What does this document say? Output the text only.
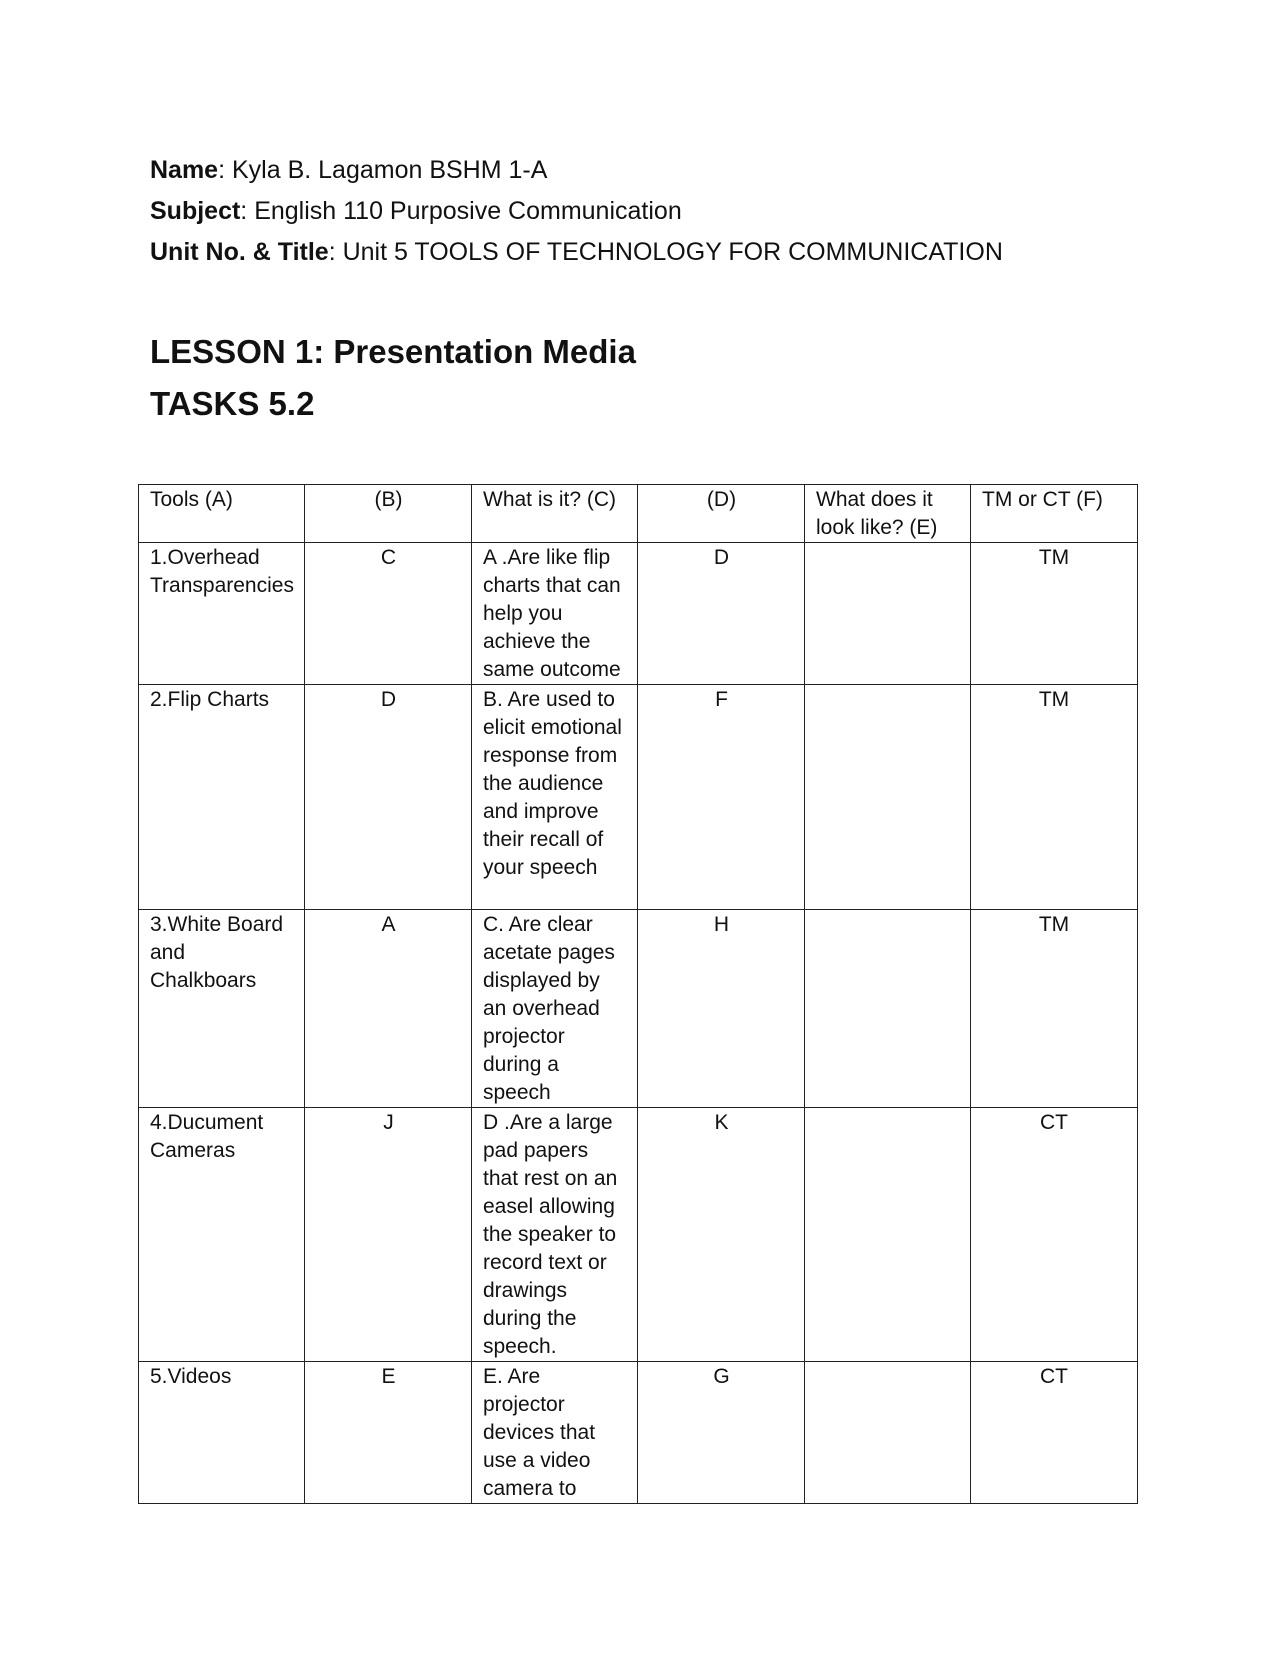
Name: Kyla B. Lagamon BSHM 1-A
Subject: English 110 Purposive Communication
Unit No. & Title: Unit 5 TOOLS OF TECHNOLOGY FOR COMMUNICATION
LESSON 1: Presentation Media
TASKS 5.2
Tools (A)	(B)	What is it? (C)	(D)	What does it look like? (E)	TM or CT (F)
1.Overhead Transparencies	C	A .Are like flip charts that can help you achieve the same outcome	D		TM
2.Flip Charts	D	B. Are used to elicit emotional response from the audience and improve their recall of your speech	F		TM
3.White Board and Chalkboars	A	C. Are clear acetate pages displayed by an overhead projector during a speech	H		TM
4.Ducument Cameras	J	D .Are a large pad papers that rest on an easel allowing the speaker to record text or drawings during the speech.	K		CT
5.Videos	E	E. Are projector devices that use a video camera to	G		CT
